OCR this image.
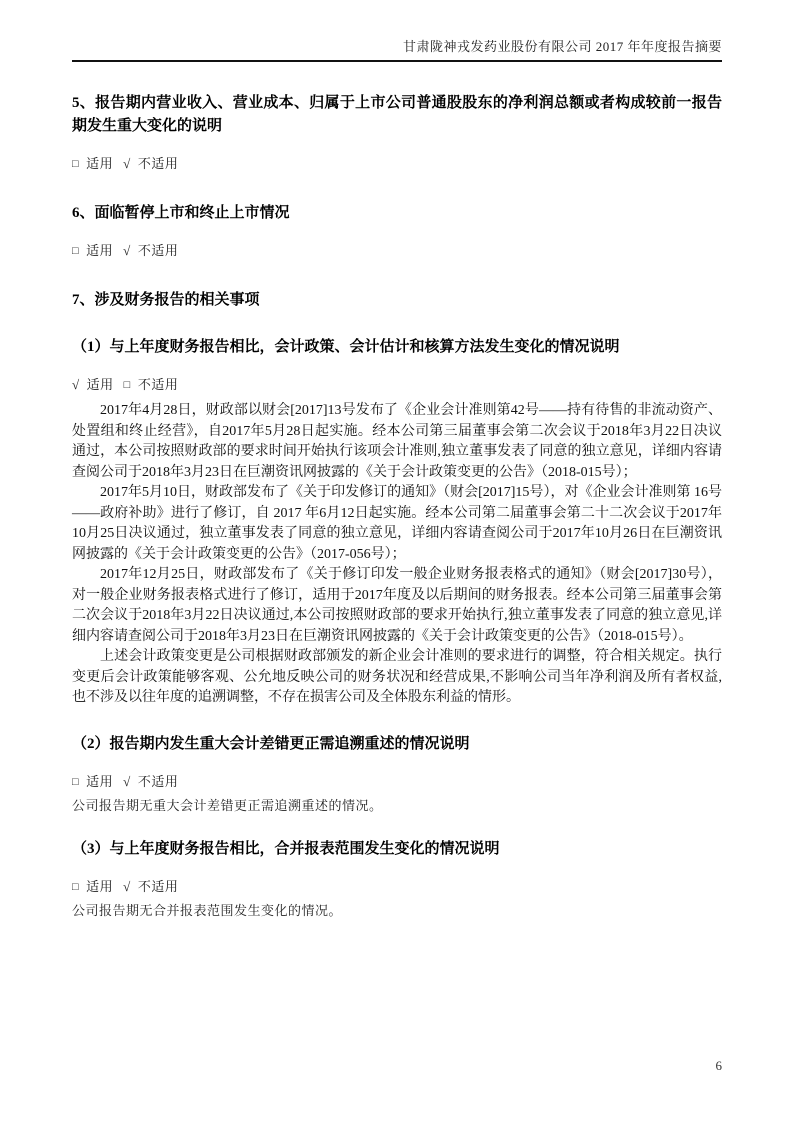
甘肃陇神戎发药业股份有限公司 2017 年年度报告摘要
5、报告期内营业收入、营业成本、归属于上市公司普通股股东的净利润总额或者构成较前一报告期发生重大变化的说明
□ 适用 √ 不适用
6、面临暂停上市和终止上市情况
□ 适用 √ 不适用
7、涉及财务报告的相关事项
（1）与上年度财务报告相比，会计政策、会计估计和核算方法发生变化的情况说明
√ 适用 □ 不适用

2017年4月28日，财政部以财会[2017]13号发布了《企业会计准则第42号——持有待售的非流动资产、处置组和终止经营》，自2017年5月28日起实施。经本公司第三届董事会第二次会议于2018年3月22日决议通过，本公司按照财政部的要求时间开始执行该项会计准则,独立董事发表了同意的独立意见，详细内容请查阅公司于2018年3月23日在巨潮资讯网披露的《关于会计政策变更的公告》（2018-015号）；

2017年5月10日，财政部发布了《关于印发修订的通知》（财会[2017]15号），对《企业会计准则第 16号——政府补助》进行了修订，自 2017 年6月12日起实施。经本公司第二届董事会第二十二次会议于2017年10月25日决议通过，独立董事发表了同意的独立意见，详细内容请查阅公司于2017年10月26日在巨潮资讯网披露的《关于会计政策变更的公告》（2017-056号）；

2017年12月25日，财政部发布了《关于修订印发一般企业财务报表格式的通知》（财会[2017]30号），对一般企业财务报表格式进行了修订，适用于2017年度及以后期间的财务报表。经本公司第三届董事会第二次会议于2018年3月22日决议通过,本公司按照财政部的要求开始执行,独立董事发表了同意的独立意见,详细内容请查阅公司于2018年3月23日在巨潮资讯网披露的《关于会计政策变更的公告》（2018-015号）。

上述会计政策变更是公司根据财政部颁发的新企业会计准则的要求进行的调整，符合相关规定。执行变更后会计政策能够客观、公允地反映公司的财务状况和经营成果,不影响公司当年净利润及所有者权益,也不涉及以往年度的追溯调整，不存在损害公司及全体股东利益的情形。

（2）报告期内发生重大会计差错更正需追溯重述的情况说明
□ 适用 √ 不适用
公司报告期无重大会计差错更正需追溯重述的情况。
（3）与上年度财务报告相比，合并报表范围发生变化的情况说明
□ 适用 √ 不适用
公司报告期无合并报表范围发生变化的情况。
6
